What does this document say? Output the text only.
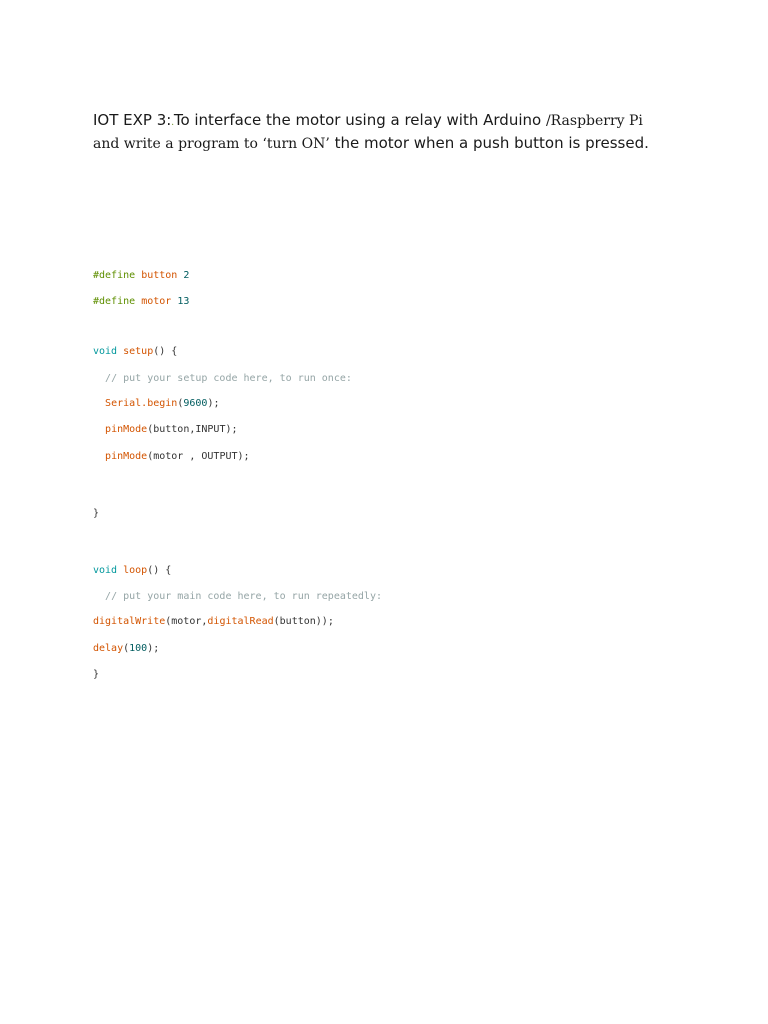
IOT EXP 3:.To interface the motor using a relay with Arduino /Raspberry Pi
and write a program to ‘turn ON’ the motor when a push button is pressed.

#define button 2

#define motor 13

void setup() {

// put your setup code here, to run once:

Serial.begin(9600);

pinMode(button,INPUT);

pinMode(motor , OUTPUT);

}

void loop() {

// put your main code here, to run repeatedly:

digitalWrite(motor,digitalRead(button));

delay(100);

}
